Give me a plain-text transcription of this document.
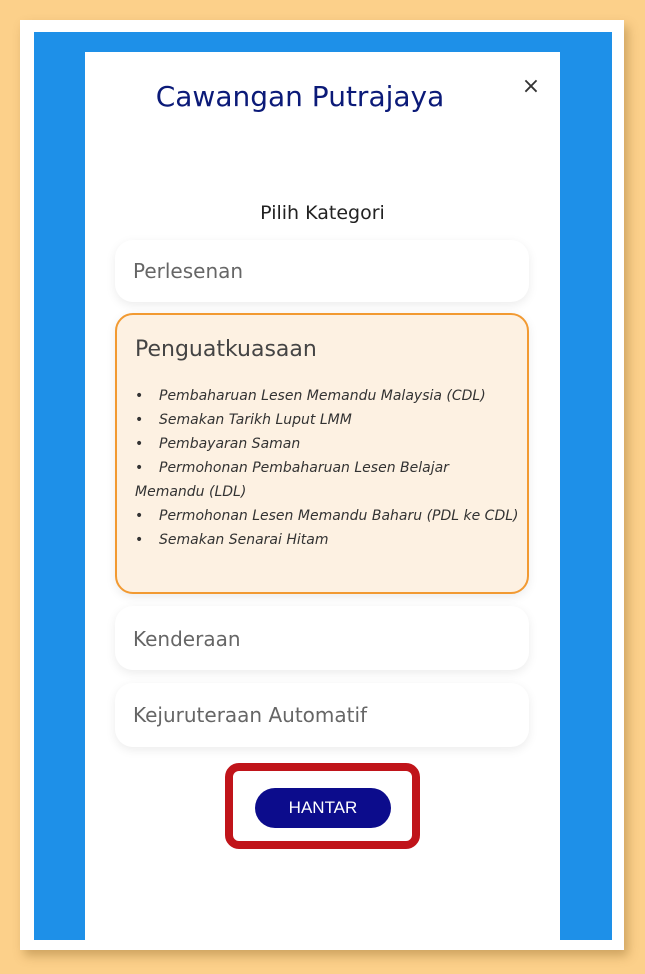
Cawangan Putrajaya	×
Pilih Kategori
Perlesenan
Penguatkuasaan
• Pembaharuan Lesen Memandu Malaysia (CDL)
• Semakan Tarikh Luput LMM
• Pembayaran Saman
• Permohonan Pembaharuan Lesen Belajar Memandu (LDL)
• Permohonan Lesen Memandu Baharu (PDL ke CDL)
• Semakan Senarai Hitam
Kenderaan
Kejuruteraan Automatif
HANTAR
